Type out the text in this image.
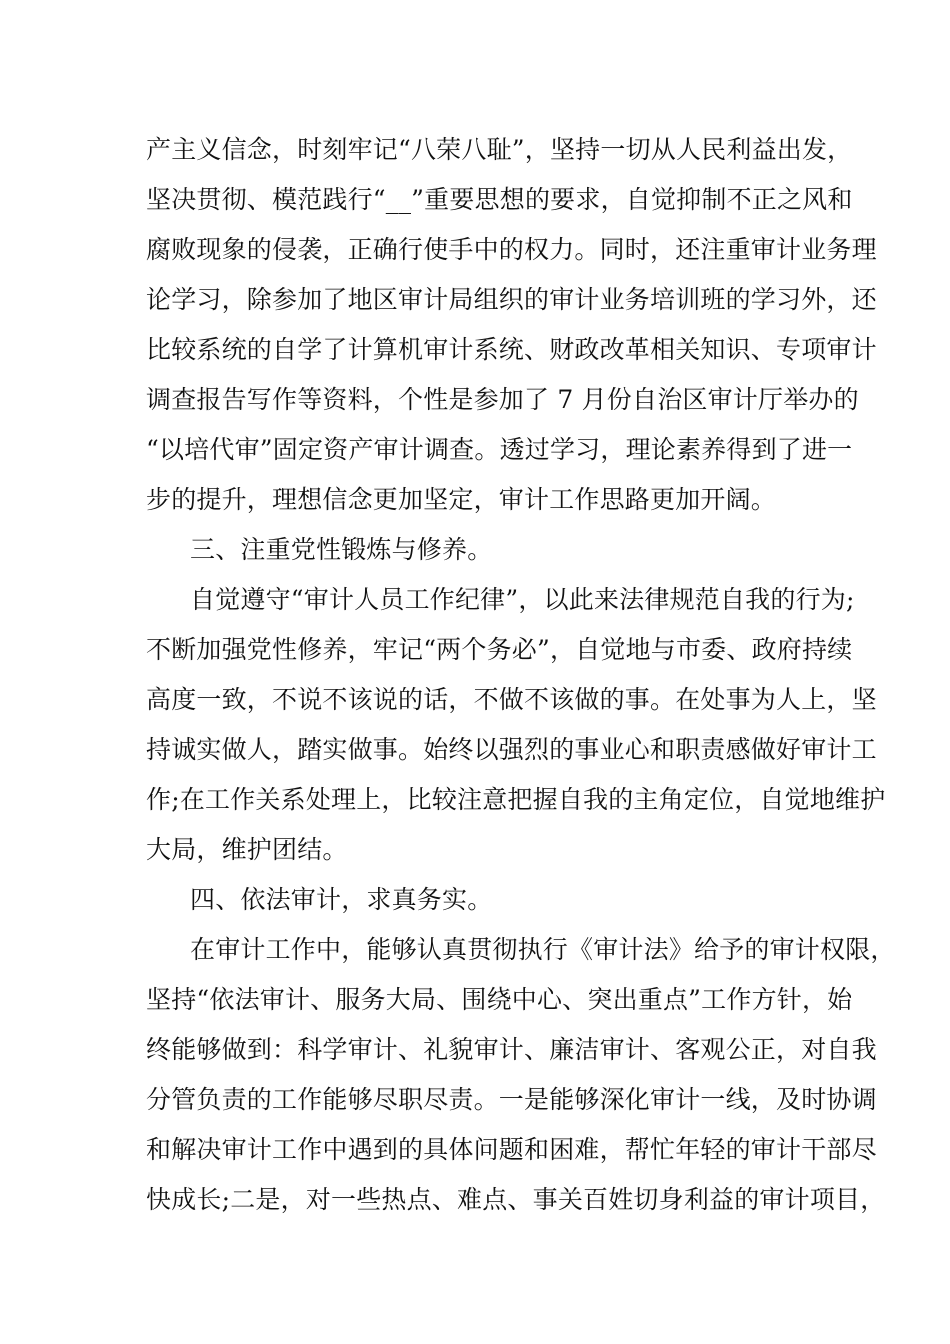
产主义信念，时刻牢记“八荣八耻”，坚持一切从人民利益出发，
坚决贯彻、模范践行“__”重要思想的要求，自觉抑制不正之风和
腐败现象的侵袭，正确行使手中的权力。同时，还注重审计业务理
论学习，除参加了地区审计局组织的审计业务培训班的学习外，还
比较系统的自学了计算机审计系统、财政改革相关知识、专项审计
调查报告写作等资料，个性是参加了 7 月份自治区审计厅举办的
“以培代审”固定资产审计调查。透过学习，理论素养得到了进一
步的提升，理想信念更加坚定，审计工作思路更加开阔。
三、注重党性锻炼与修养。
自觉遵守“审计人员工作纪律”，以此来法律规范自我的行为;
不断加强党性修养，牢记“两个务必”，自觉地与市委、政府持续
高度一致，不说不该说的话，不做不该做的事。在处事为人上，坚
持诚实做人，踏实做事。始终以强烈的事业心和职责感做好审计工
作;在工作关系处理上，比较注意把握自我的主角定位，自觉地维护
大局，维护团结。
四、依法审计，求真务实。
在审计工作中，能够认真贯彻执行《审计法》给予的审计权限，
坚持“依法审计、服务大局、围绕中心、突出重点”工作方针，始
终能够做到：科学审计、礼貌审计、廉洁审计、客观公正，对自我
分管负责的工作能够尽职尽责。一是能够深化审计一线，及时协调
和解决审计工作中遇到的具体问题和困难，帮忙年轻的审计干部尽
快成长;二是，对一些热点、难点、事关百姓切身利益的审计项目，
